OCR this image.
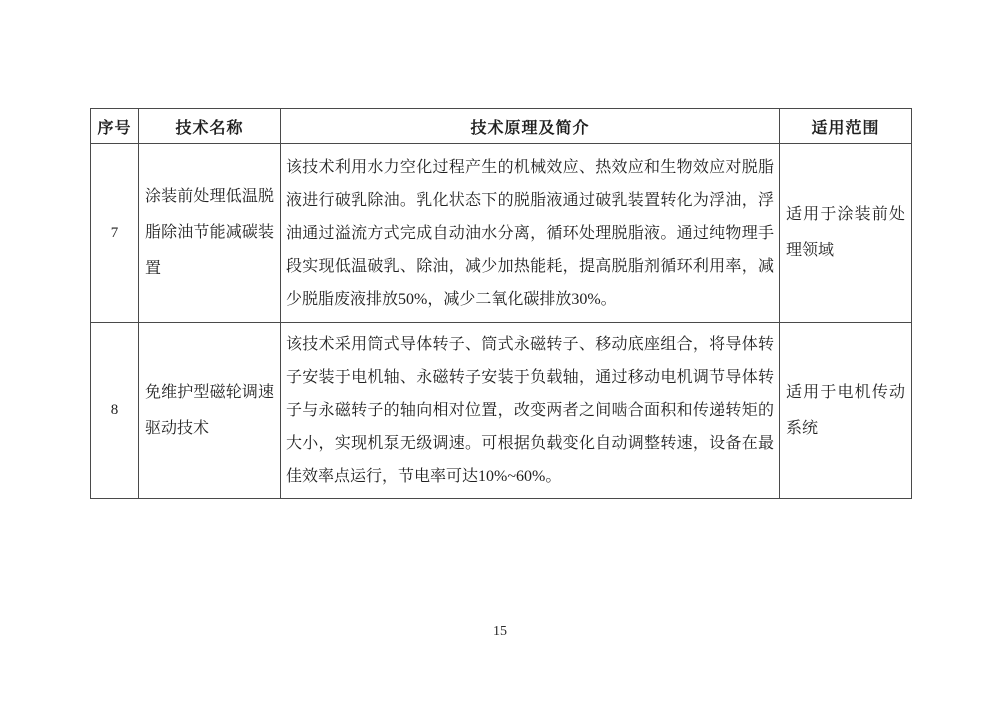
序号	技术名称	技术原理及简介	适用范围
7	涂装前处理低温脱脂除油节能减碳装置	该技术利用水力空化过程产生的机械效应、热效应和生物效应对脱脂液进行破乳除油。乳化状态下的脱脂液通过破乳装置转化为浮油，浮油通过溢流方式完成自动油水分离，循环处理脱脂液。通过纯物理手段实现低温破乳、除油，减少加热能耗，提高脱脂剂循环利用率，减少脱脂废液排放50%，减少二氧化碳排放30%。	适用于涂装前处理领域
8	免维护型磁轮调速驱动技术	该技术采用筒式导体转子、筒式永磁转子、移动底座组合，将导体转子安装于电机轴、永磁转子安装于负载轴，通过移动电机调节导体转子与永磁转子的轴向相对位置，改变两者之间啮合面积和传递转矩的大小，实现机泵无级调速。可根据负载变化自动调整转速，设备在最佳效率点运行，节电率可达10%~60%。	适用于电机传动系统
15
